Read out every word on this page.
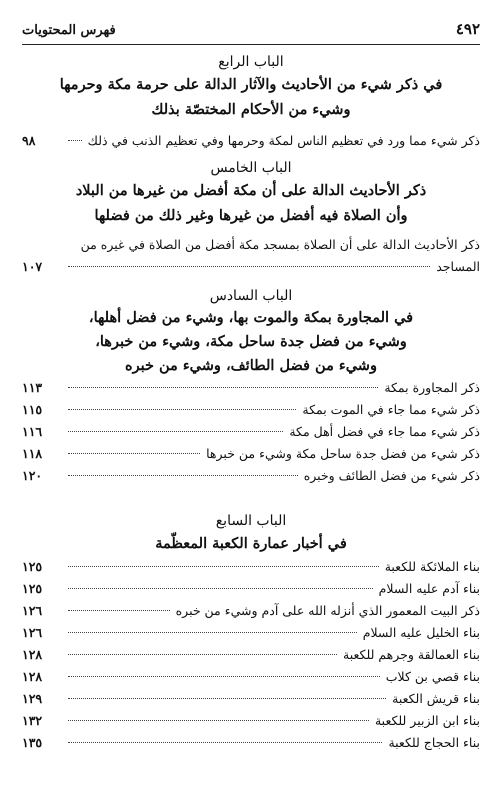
٤٩٢
فهرس المحتويات
الباب الرابع
في ذكر شيء من الأحاديث والآثار الدالة على حرمة مكة وحرمها
وشيء من الأحكام المختصّة بذلك
ذكر شيء مما ورد في تعظيم الناس لمكة وحرمها وفي تعظيم الذنب في ذلك
٩٨
الباب الخامس
ذكر الأحاديث الدالة على أن مكة أفضل من غيرها من البلاد
وأن الصلاة فيه أفضل من غيرها وغير ذلك من فضلها
ذكر الأحاديث الدالة على أن الصلاة بمسجد مكة أفضل من الصلاة في غيره من
المساجد
١٠٧
الباب السادس
في المجاورة بمكة والموت بها، وشيء من فضل أهلها،
وشيء من فضل جدة ساحل مكة، وشيء من خبرها،
وشيء من فضل الطائف، وشيء من خبره
ذكر المجاورة بمكة
١١٣
ذكر شيء مما جاء في الموت بمكة
١١٥
ذكر شيء مما جاء في فضل أهل مكة
١١٦
ذكر شيء من فضل جدة ساحل مكة وشيء من خبرها
١١٨
ذكر شيء من فضل الطائف وخبره
١٢٠
الباب السابع
في أخبار عمارة الكعبة المعظّمة
بناء الملائكة للكعبة
١٢٥
بناء آدم عليه السلام
١٢٥
ذكر البيت المعمور الذي أنزله الله على آدم وشيء من خبره
١٢٦
بناء الخليل عليه السلام
١٢٦
بناء العمالقة وجرهم للكعبة
١٢٨
بناء قصي بن كلاب
١٢٨
بناء قريش الكعبة
١٢٩
بناء ابن الزبير للكعبة
١٣٢
بناء الحجاج للكعبة
١٣٥
